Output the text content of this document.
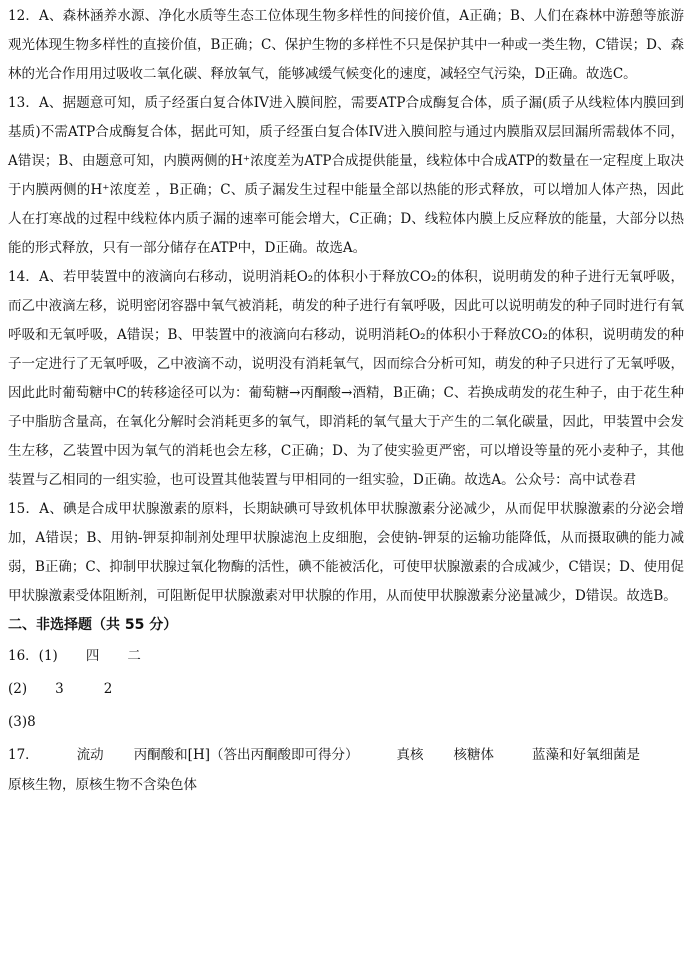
12．A、森林涵养水源、净化水质等生态工位体现生物多样性的间接价值，A正确；B、人们在森林中游憩等旅游观光体现生物多样性的直接价值，B正确；C、保护生物的多样性不只是保护其中一种或一类生物，C错误；D、森林的光合作用用过吸收二氧化碳、释放氧气，能够减缓气候变化的速度，减轻空气污染，D正确。故选C。

13．A、据题意可知，质子经蛋白复合体IV进入膜间腔，需要ATP合成酶复合体，质子漏(质子从线粒体内膜回到基质)不需ATP合成酶复合体，据此可知，质子经蛋白复合体IV进入膜间腔与通过内膜脂双层回漏所需载体不同，A错误；B、由题意可知，内膜两侧的H⁺浓度差为ATP合成提供能量，线粒体中合成ATP的数量在一定程度上取决于内膜两侧的H⁺浓度差 ，B正确；C、质子漏发生过程中能量全部以热能的形式释放，可以增加人体产热，因此人在打寒战的过程中线粒体内质子漏的速率可能会增大，C正确；D、线粒体内膜上反应释放的能量，大部分以热能的形式释放，只有一部分储存在ATP中，D正确。故选A。

14．A、若甲装置中的液滴向右移动，说明消耗O₂的体积小于释放CO₂的体积，说明萌发的种子进行无氧呼吸，而乙中液滴左移，说明密闭容器中氧气被消耗，萌发的种子进行有氧呼吸，因此可以说明萌发的种子同时进行有氧呼吸和无氧呼吸，A错误；B、甲装置中的液滴向右移动，说明消耗O₂的体积小于释放CO₂的体积，说明萌发的种子一定进行了无氧呼吸，乙中液滴不动，说明没有消耗氧气，因而综合分析可知，萌发的种子只进行了无氧呼吸，因此此时葡萄糖中C的转移途径可以为：葡萄糖→丙酮酸→酒精，B正确；C、若换成萌发的花生种子，由于花生种子中脂肪含量高，在氧化分解时会消耗更多的氧气，即消耗的氧气量大于产生的二氧化碳量，因此，甲装置中会发生左移，乙装置中因为氧气的消耗也会左移，C正确；D、为了使实验更严密，可以增设等量的死小麦种子，其他装置与乙相同的一组实验，也可设置其他装置与甲相同的一组实验，D正确。故选A。公众号：高中试卷君

15．A、碘是合成甲状腺激素的原料，长期缺碘可导致机体甲状腺激素分泌减少，从而促甲状腺激素的分泌会增加，A错误；B、用钠-钾泵抑制剂处理甲状腺滤泡上皮细胞，会使钠-钾泵的运输功能降低，从而摄取碘的能力减弱，B正确；C、抑制甲状腺过氧化物酶的活性，碘不能被活化，可使甲状腺激素的合成减少，C错误；D、使用促甲状腺激素受体阻断剂，可阻断促甲状腺激素对甲状腺的作用，从而使甲状腺激素分泌量减少，D错误。故选B。

二、非选择题（共 55 分）

16．(1) 四 二

(2) 3	2

(3)8

17．	流动 丙酮酸和[H]（答出丙酮酸即可得分）	真核 核糖体	蓝藻和好氧细菌是

原核生物，原核生物不含染色体
